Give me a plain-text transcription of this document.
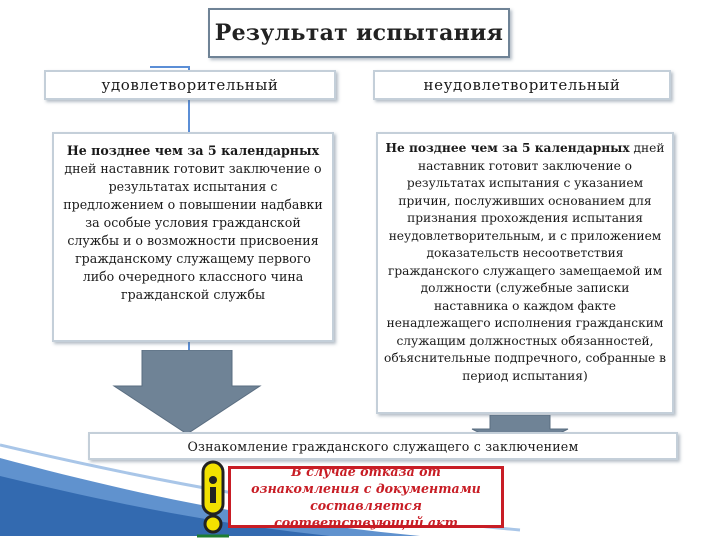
Результат испытания
удовлетворительный	неудовлетворительный

Не позднее чем за 5 календарных дней наставник готовит заключение о результатах испытания с предложением о повышении надбавки за особые условия гражданской службы и о возможности присвоения гражданскому служащему первого либо очередного классного чина гражданской службы

Не позднее чем за 5 календарных дней наставник готовит заключение о результатах испытания с указанием причин, послуживших основанием для признания прохождения испытания неудовлетворительным, и с приложением доказательств несоответствия гражданского служащего замещаемой им должности (служебные записки наставника о каждом факте ненадлежащего исполнения гражданским служащим должностных обязанностей, объяснительные подпречного, собранные в период испытания)

Ознакомление гражданского служащего с заключением
В случае отказа от ознакомления с документами составляется соответствующий акт
